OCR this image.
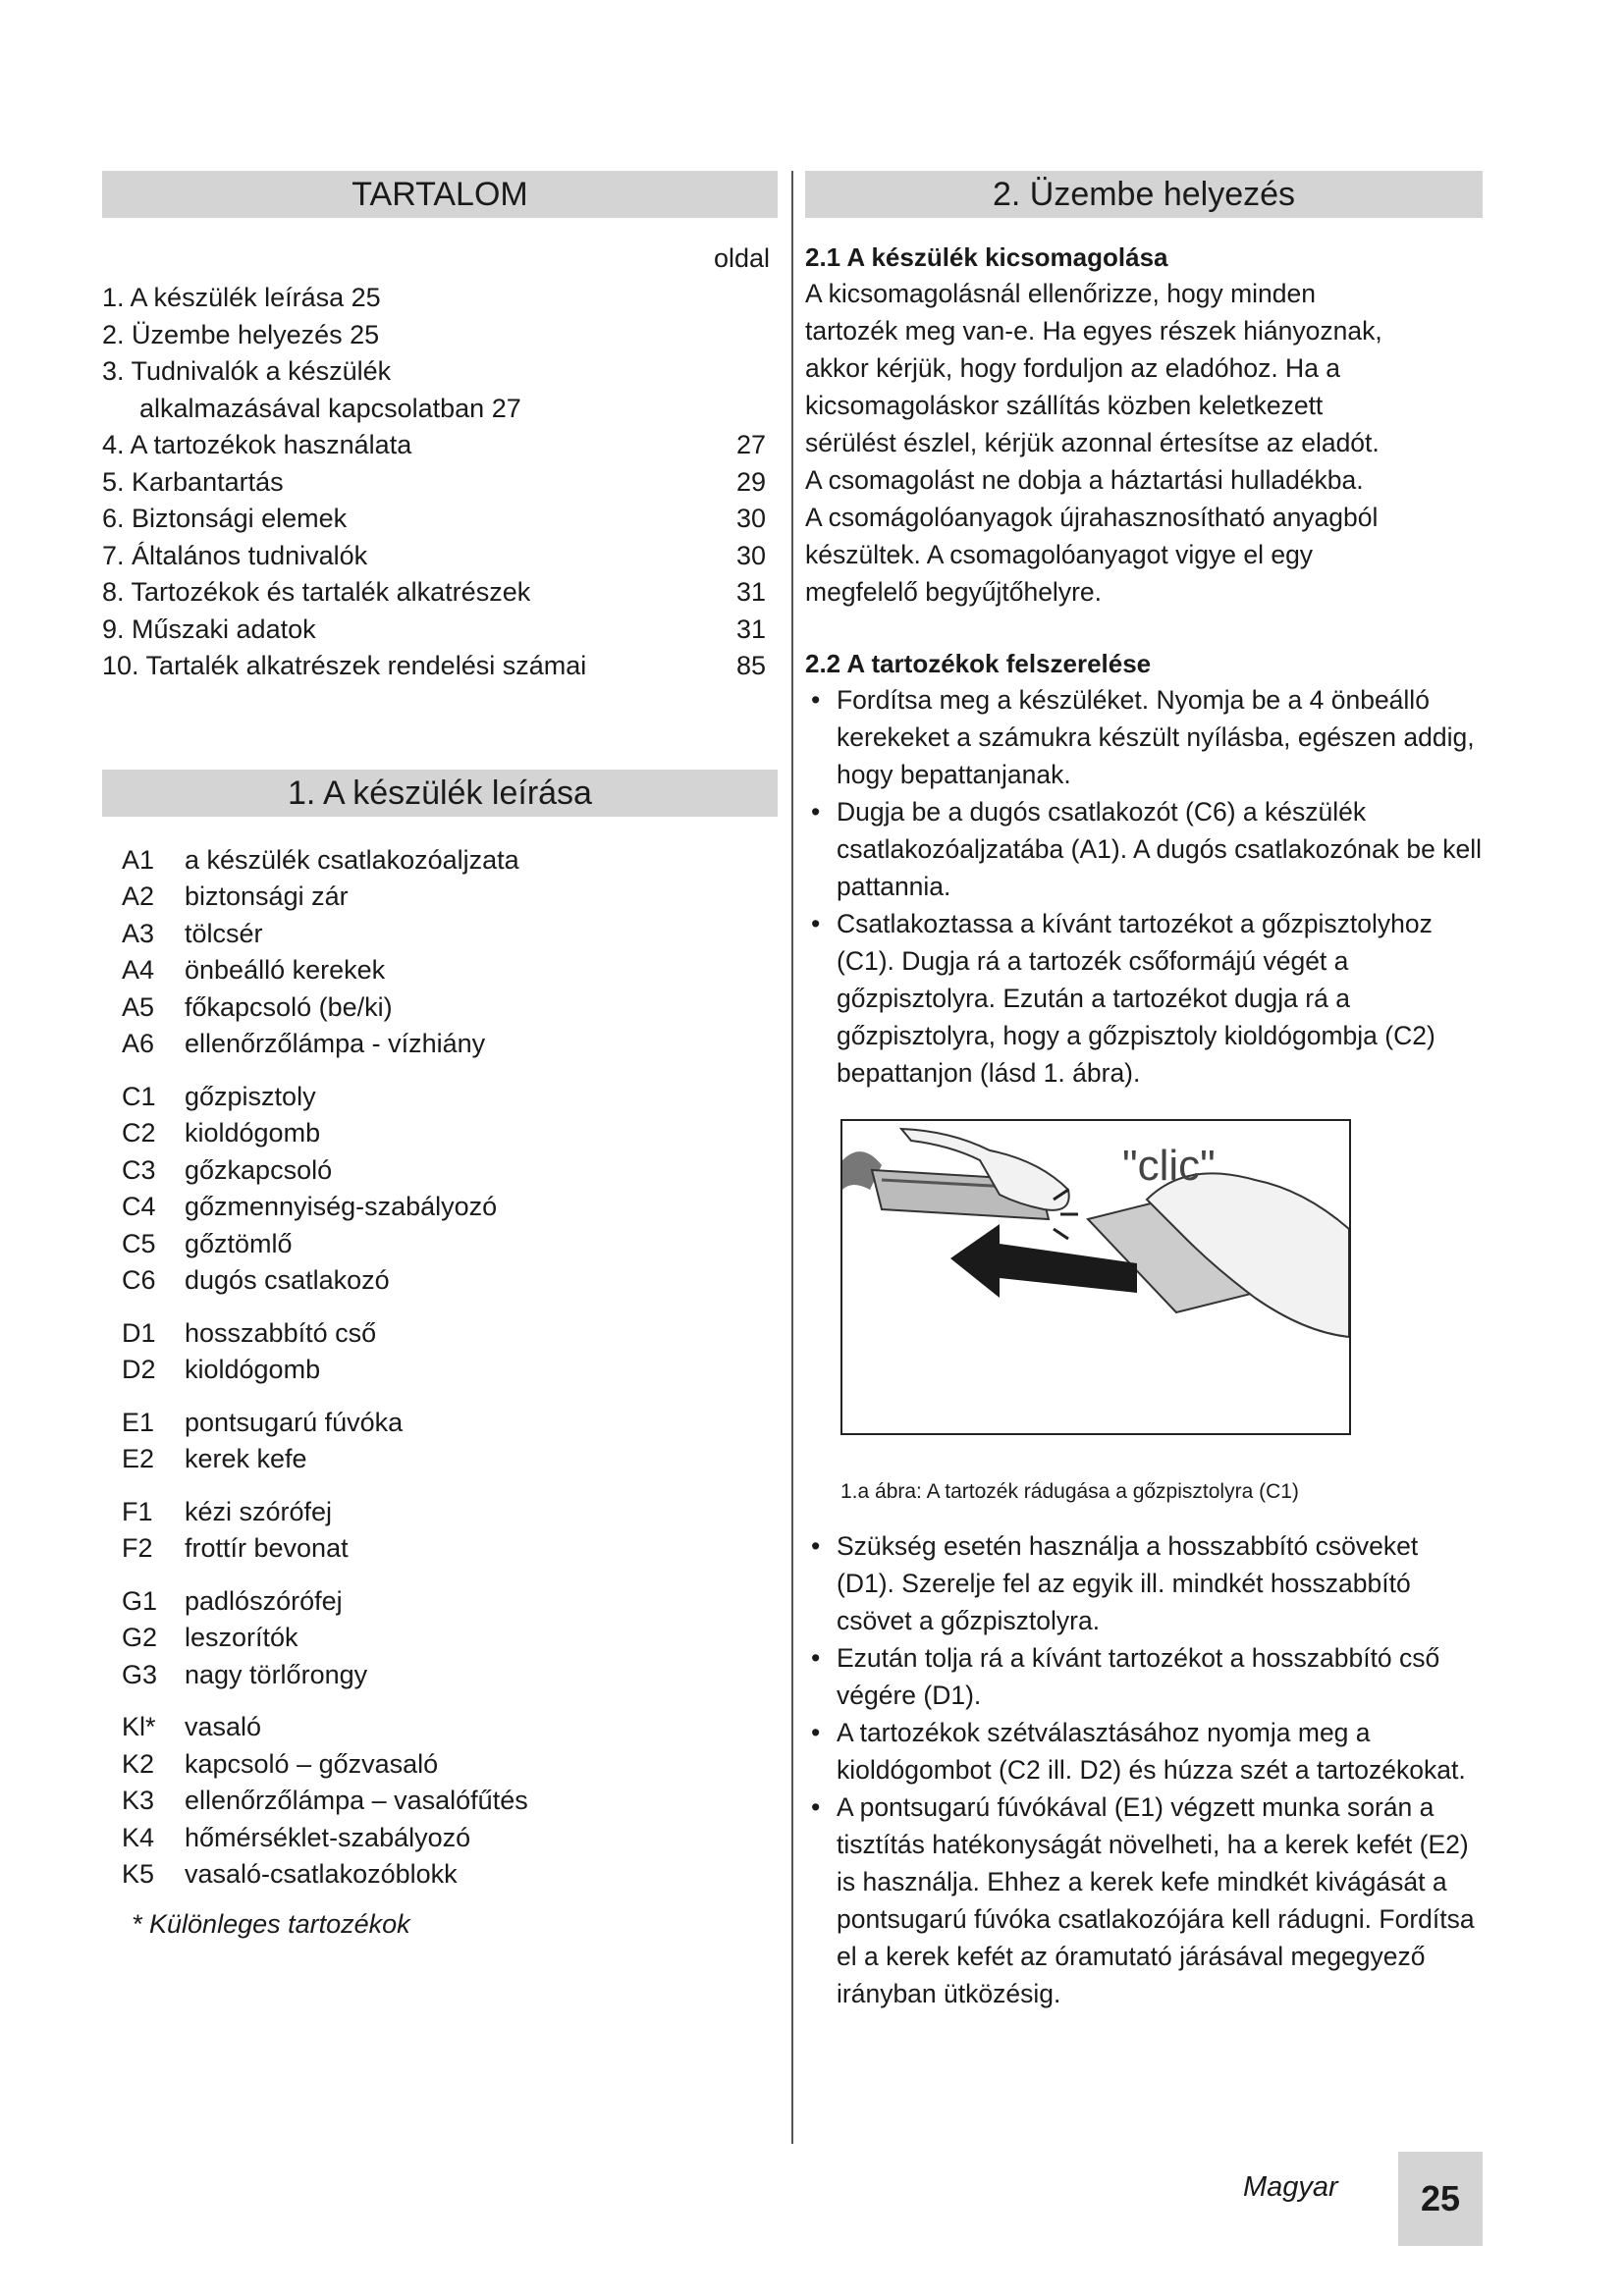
TARTALOM
oldal
1. A készülék leírása 25
2. Üzembe helyezés 25
3. Tudnivalók a készülék
alkalmazásával kapcsolatban 27
4. A tartozékok használata	27
5. Karbantartás	29
6. Biztonsági elemek	30
7. Általános tudnivalók	30
8. Tartozékok és tartalék alkatrészek	31
9. Műszaki adatok	31
10. Tartalék alkatrészek rendelési számai	85
1. A készülék leírása
A1	a készülék csatlakozóaljzata
A2	biztonsági zár
A3	tölcsér
A4	önbeálló kerekek
A5	főkapcsoló (be/ki)
A6	ellenőrzőlámpa - vízhiány
C1	gőzpisztoly
C2	kioldógomb
C3	gőzkapcsoló
C4	gőzmennyiség-szabályozó
C5	gőztömlő
C6	dugós csatlakozó
D1	hosszabbító cső
D2	kioldógomb
E1	pontsugarú fúvóka
E2	kerek kefe
F1	kézi szórófej
F2	frottír bevonat
G1	padlószórófej
G2	leszorítók
G3	nagy törlőrongy
Kl*	vasaló
K2	kapcsoló – gőzvasaló
K3	ellenőrzőlámpa – vasalófűtés
K4	hőmérséklet-szabályozó
K5	vasaló-csatlakozóblokk
* Különleges tartozékok
2. Üzembe helyezés
2.1 A készülék kicsomagolása
A kicsomagolásnál ellenőrizze, hogy minden
tartozék meg van-e. Ha egyes részek hiányoznak,
akkor kérjük, hogy forduljon az eladóhoz. Ha a
kicsomagoláskor szállítás közben keletkezett
sérülést észlel, kérjük azonnal értesítse az eladót.
A csomagolást ne dobja a háztartási hulladékba.
A csomágolóanyagok újrahasznosítható anyagból
készültek. A csomagolóanyagot vigye el egy
megfelelő begyűjtőhelyre.
2.2 A tartozékok felszerelése
• Fordítsa meg a készüléket. Nyomja be a 4 önbeálló kerekeket a számukra készült nyílásba, egészen addig, hogy bepattanjanak.
• Dugja be a dugós csatlakozót (C6) a készülék csatlakozóaljzatába (A1). A dugós csatlakozónak be kell pattannia.
• Csatlakoztassa a kívánt tartozékot a gőzpisztolyhoz (C1). Dugja rá a tartozék csőformájú végét a gőzpisztolyra. Ezután a tartozékot dugja rá a gőzpisztolyra, hogy a gőzpisztoly kioldógombja (C2) bepattanjon (lásd 1. ábra).
"clic"
1.a ábra: A tartozék rádugása a gőzpisztolyra (C1)
• Szükség esetén használja a hosszabbító csöveket (D1). Szerelje fel az egyik ill. mindkét hosszabbító csövet a gőzpisztolyra.
• Ezután tolja rá a kívánt tartozékot a hosszabbító cső végére (D1).
• A tartozékok szétválasztásához nyomja meg a kioldógombot (C2 ill. D2) és húzza szét a tartozékokat.
• A pontsugarú fúvókával (E1) végzett munka során a tisztítás hatékonyságát növelheti, ha a kerek kefét (E2) is használja. Ehhez a kerek kefe mindkét kivágását a pontsugarú fúvóka csatlakozójára kell rádugni. Fordítsa el a kerek kefét az óramutató járásával megegyező irányban ütközésig.
Magyar	25
